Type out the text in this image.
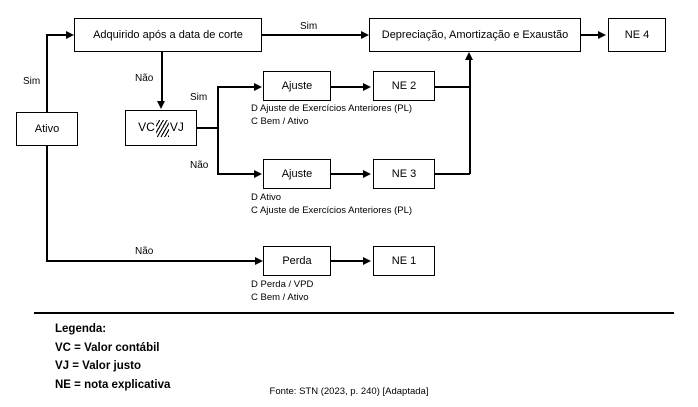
Ativo
Adquirido após a data de corte
VC VJ
Ajuste
Ajuste
Perda
NE 2
NE 3
NE 1
Depreciação, Amortização e Exaustão	NE 4
Sim
Sim
Não
Sim
Não
Não
D Ajuste de Exercícios Anteriores (PL)
C Bem / Ativo
D Ativo
C Ajuste de Exercícios Anteriores (PL)
D Perda / VPD
C Bem / Ativo
Legenda:
VC = Valor contábil
VJ = Valor justo
NE = nota explicativa
Fonte: STN (2023, p. 240) [Adaptada]
